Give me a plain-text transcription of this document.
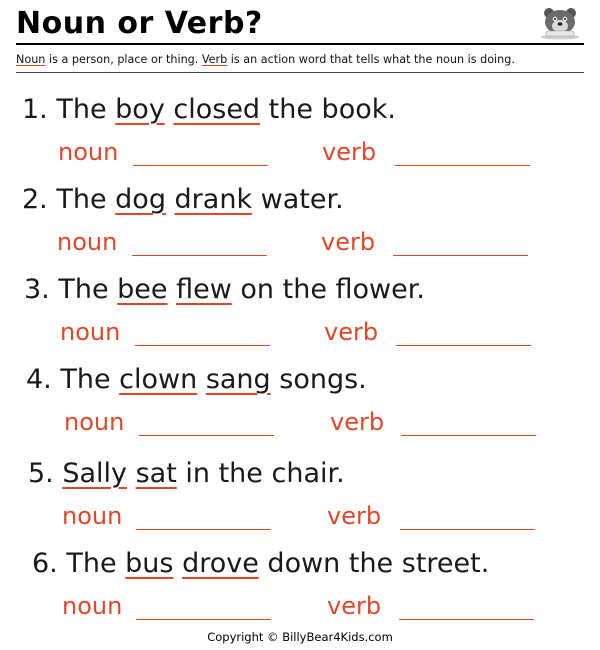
Noun or Verb?
Noun is a person, place or thing. Verb is an action word that tells what the noun is doing.
1. The boy closed the book.
noun	verb
2. The dog drank water.
noun	verb
3. The bee flew on the flower.
noun	verb
4. The clown sang songs.
noun	verb
5. Sally sat in the chair.
noun	verb
6. The bus drove down the street.
noun	verb
Copyright © BillyBear4Kids.com
